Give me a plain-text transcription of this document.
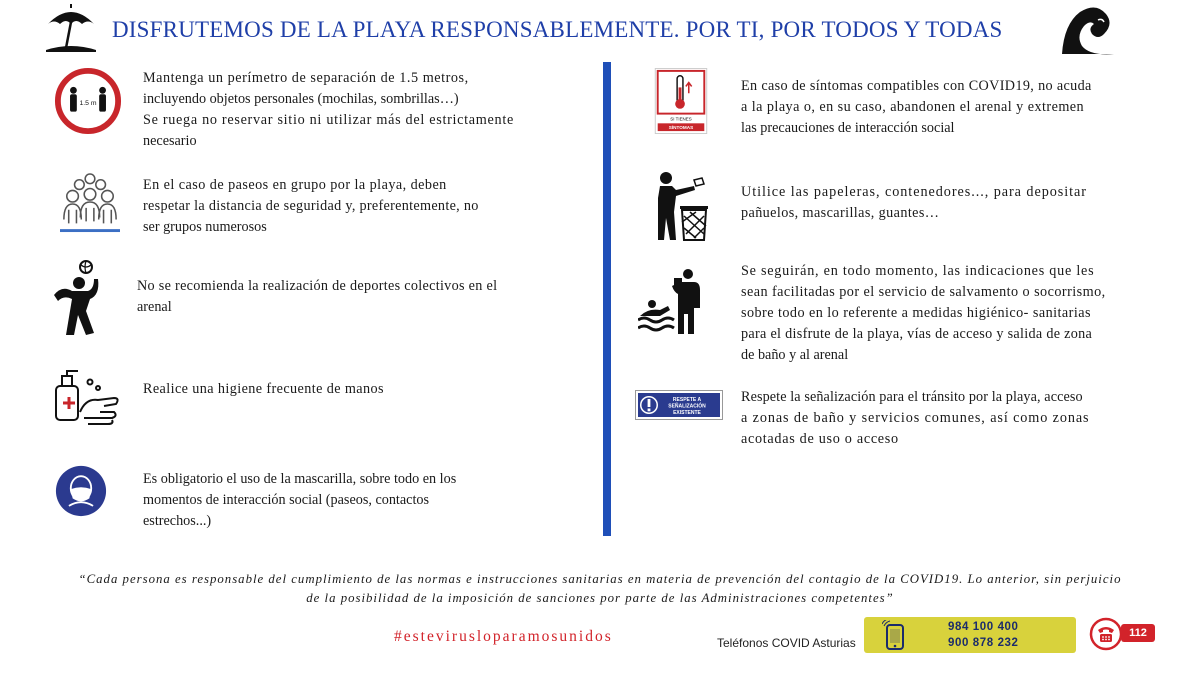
DISFRUTEMOS DE LA PLAYA RESPONSABLEMENTE. POR TI, POR TODOS Y TODAS
1.5 m

Mantenga un perímetro de separación de 1.5 metros,

incluyendo objetos personales (mochilas, sombrillas…)

Se ruega no reservar sitio ni utilizar más del estrictamente

necesario

En el caso de paseos en grupo por la playa, deben

respetar la distancia de seguridad y, preferentemente, no

ser grupos numerosos

No se recomienda la realización de deportes colectivos en el

arenal

Realice una higiene frecuente de manos

Es obligatorio el uso de la mascarilla, sobre todo en los

momentos de interacción social (paseos, contactos

estrechos...)

SI TIENES
SÍNTOMAS

En caso de síntomas compatibles con COVID19, no acuda

a la playa o, en su caso, abandonen el arenal y extremen

las precauciones de interacción social

Utilice las papeleras, contenedores..., para depositar

pañuelos, mascarillas, guantes…

Se seguirán, en todo momento, las indicaciones que les

sean facilitadas por el servicio de salvamento o socorrismo,

sobre todo en lo referente a medidas higiénico- sanitarias

para el disfrute de la playa, vías de acceso y salida de zona

de baño y al arenal

RESPETE A
SEÑALIZACIÓN
EXISTENTE

Respete la señalización para el tránsito por la playa, acceso

a zonas de baño y servicios comunes, así como zonas

acotadas de uso o acceso

“Cada persona es responsable del cumplimiento de las normas e instrucciones sanitarias en materia de prevención del contagio de la COVID19. Lo anterior, sin perjuicio
de la posibilidad de la imposición de sanciones por parte de las Administraciones competentes”
#estevirusloparamosunidos	Teléfonos COVID Asturias
984 100 400
900 878 232
112
